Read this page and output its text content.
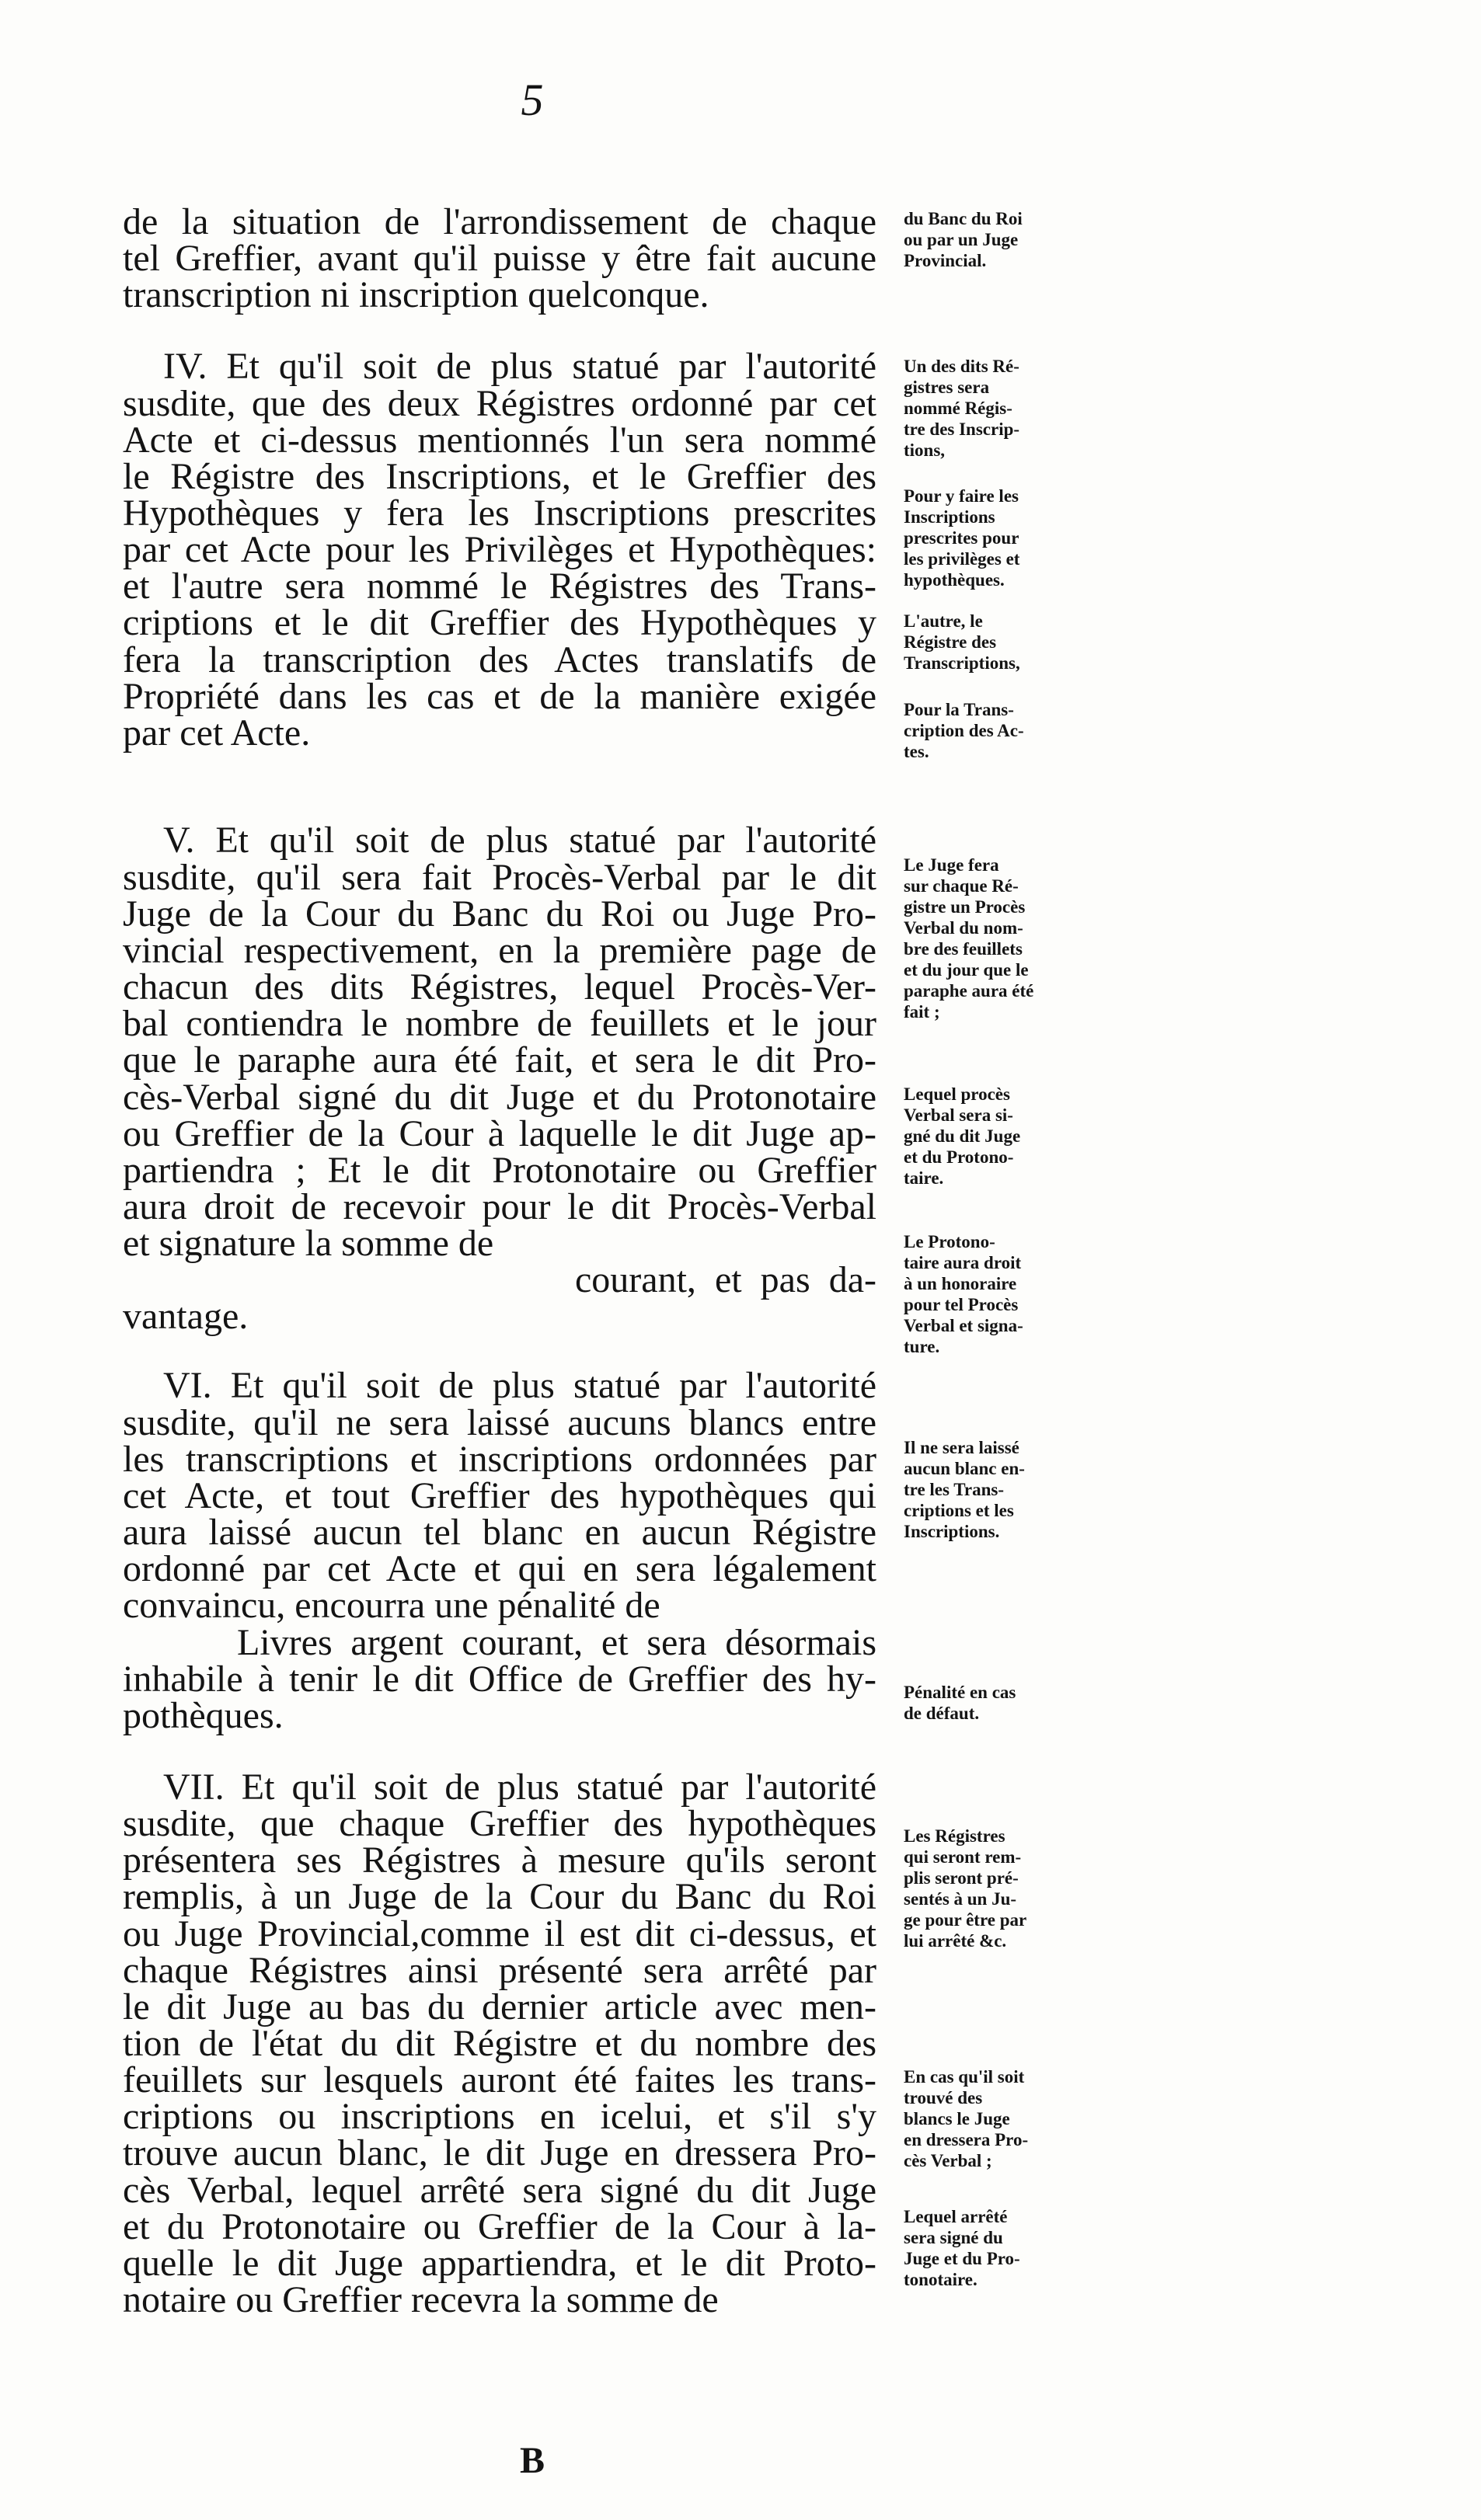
5
de la situation de l'arrondissement de chaque
tel Greffier, avant qu'il puisse y être fait aucune
transcription ni inscription quelconque.
IV. Et qu'il soit de plus statué par l'autorité
susdite, que des deux Régistres ordonné par cet
Acte et ci-dessus mentionnés l'un sera nommé
le Régistre des Inscriptions, et le Greffier des
Hypothèques y fera les Inscriptions prescrites
par cet Acte pour les Privilèges et Hypothèques:
et l'autre sera nommé le Régistres des Trans-
criptions et le dit Greffier des Hypothèques y
fera la transcription des Actes translatifs de
Propriété dans les cas et de la manière exigée
par cet Acte.
V. Et qu'il soit de plus statué par l'autorité
susdite, qu'il sera fait Procès-Verbal par le dit
Juge de la Cour du Banc du Roi ou Juge Pro-
vincial respectivement, en la première page de
chacun des dits Régistres, lequel Procès-Ver-
bal contiendra le nombre de feuillets et le jour
que le paraphe aura été fait, et sera le dit Pro-
cès-Verbal signé du dit Juge et du Protonotaire
ou Greffier de la Cour à laquelle le dit Juge ap-
partiendra ; Et le dit Protonotaire ou Greffier
aura droit de recevoir pour le dit Procès-Verbal
et signature la somme de
courant, et pas da-
vantage.
VI. Et qu'il soit de plus statué par l'autorité
susdite, qu'il ne sera laissé aucuns blancs entre
les transcriptions et inscriptions ordonnées par
cet Acte, et tout Greffier des hypothèques qui
aura laissé aucun tel blanc en aucun Régistre
ordonné par cet Acte et qui en sera légalement
convaincu, encourra une pénalité de
Livres argent courant, et sera désormais
inhabile à tenir le dit Office de Greffier des hy-
pothèques.
VII. Et qu'il soit de plus statué par l'autorité
susdite, que chaque Greffier des hypothèques
présentera ses Régistres à mesure qu'ils seront
remplis, à un Juge de la Cour du Banc du Roi
ou Juge Provincial,comme il est dit ci-dessus, et
chaque Régistres ainsi présenté sera arrêté par
le dit Juge au bas du dernier article avec men-
tion de l'état du dit Régistre et du nombre des
feuillets sur lesquels auront été faites les trans-
criptions ou inscriptions en icelui, et s'il s'y
trouve aucun blanc, le dit Juge en dressera Pro-
cès Verbal, lequel arrêté sera signé du dit Juge
et du Protonotaire ou Greffier de la Cour à la-
quelle le dit Juge appartiendra, et le dit Proto-
notaire ou Greffier recevra la somme de
du Banc du Roi
ou par un Juge
Provincial.
Un des dits Ré-
gistres sera
nommé Régis-
tre des Inscrip-
tions,
Pour y faire les
Inscriptions
prescrites pour
les privilèges et
hypothèques.
L'autre, le
Régistre des
Transcriptions,
Pour la Trans-
cription des Ac-
tes.
Le Juge fera
sur chaque Ré-
gistre un Procès
Verbal du nom-
bre des feuillets
et du jour que le
paraphe aura été
fait ;
Lequel procès
Verbal sera si-
gné du dit Juge
et du Protono-
taire.
Le Protono-
taire aura droit
à un honoraire
pour tel Procès
Verbal et signa-
ture.
Il ne sera laissé
aucun blanc en-
tre les Trans-
criptions et les
Inscriptions.
Pénalité en cas
de défaut.
Les Régistres
qui seront rem-
plis seront pré-
sentés à un Ju-
ge pour être par
lui arrêté &c.
En cas qu'il soit
trouvé des
blancs le Juge
en dressera Pro-
cès Verbal ;
Lequel arrêté
sera signé du
Juge et du Pro-
tonotaire.
B
